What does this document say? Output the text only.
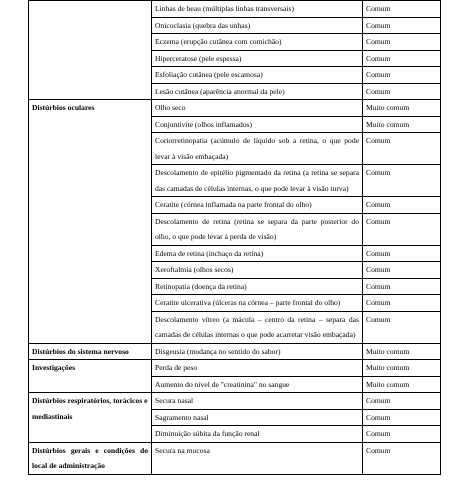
	Linhas de beau (múltiplas linhas transversais)	Comum
	Onicoclasia (quebra das unhas)	Comum
	Eczema (erupção cutânea com comichão)	Comum
	Hiperceratose (pele espessa)	Comum
	Esfoliação cutânea (pele escamosa)	Comum
	Lesão cutânea (aparência anormal da pele)	Comum
Distúrbios oculares	Olho seco	Muito comum
	Conjuntivite (olhos inflamados)	Muito comum
	Coriorretinopatia (acúmulo de líquido sob a retina, o que pode levar à visão embaçada)	Comum
	Descolamento de epitélio pigmentado da retina (a retina se separa das camadas de células internas, o que pode levar à visão turva)	Comum
	Ceratite (córnea inflamada na parte frontal do olho)	Comum
	Descolamento de retina (retina se separa da parte posterior do olho, o que pode levar à perda de visão)	Comum
	Edema de retina (inchaço da retina)	Comum
	Xeroftalmia (olhos secos)	Comum
	Retinopatia (doença da retina)	Comum
	Ceratite ulcerativa (úlceras na córnea – parte frontal do olho)	Comum
	Descolamento vítreo (a mácula – centro da retina – separa das camadas de células internas o que pode acarretar visão embaçada)	Comum
Distúrbios do sistema nervoso	Disgeusia (mudança no sentido do sabor)	Muito comum
Investigações	Perda de peso	Muito comum
	Aumento do nível de "creatinina" no sangue	Muito comum
Distúrbios respiratórios, torácicos e mediastinais	Secura nasal	Comum
	Sagramento nasal	Comum
	Diminuição súbita da função renal	Comum
Distúrbios gerais e condições do local de administração	Secura na mucosa	Comum
